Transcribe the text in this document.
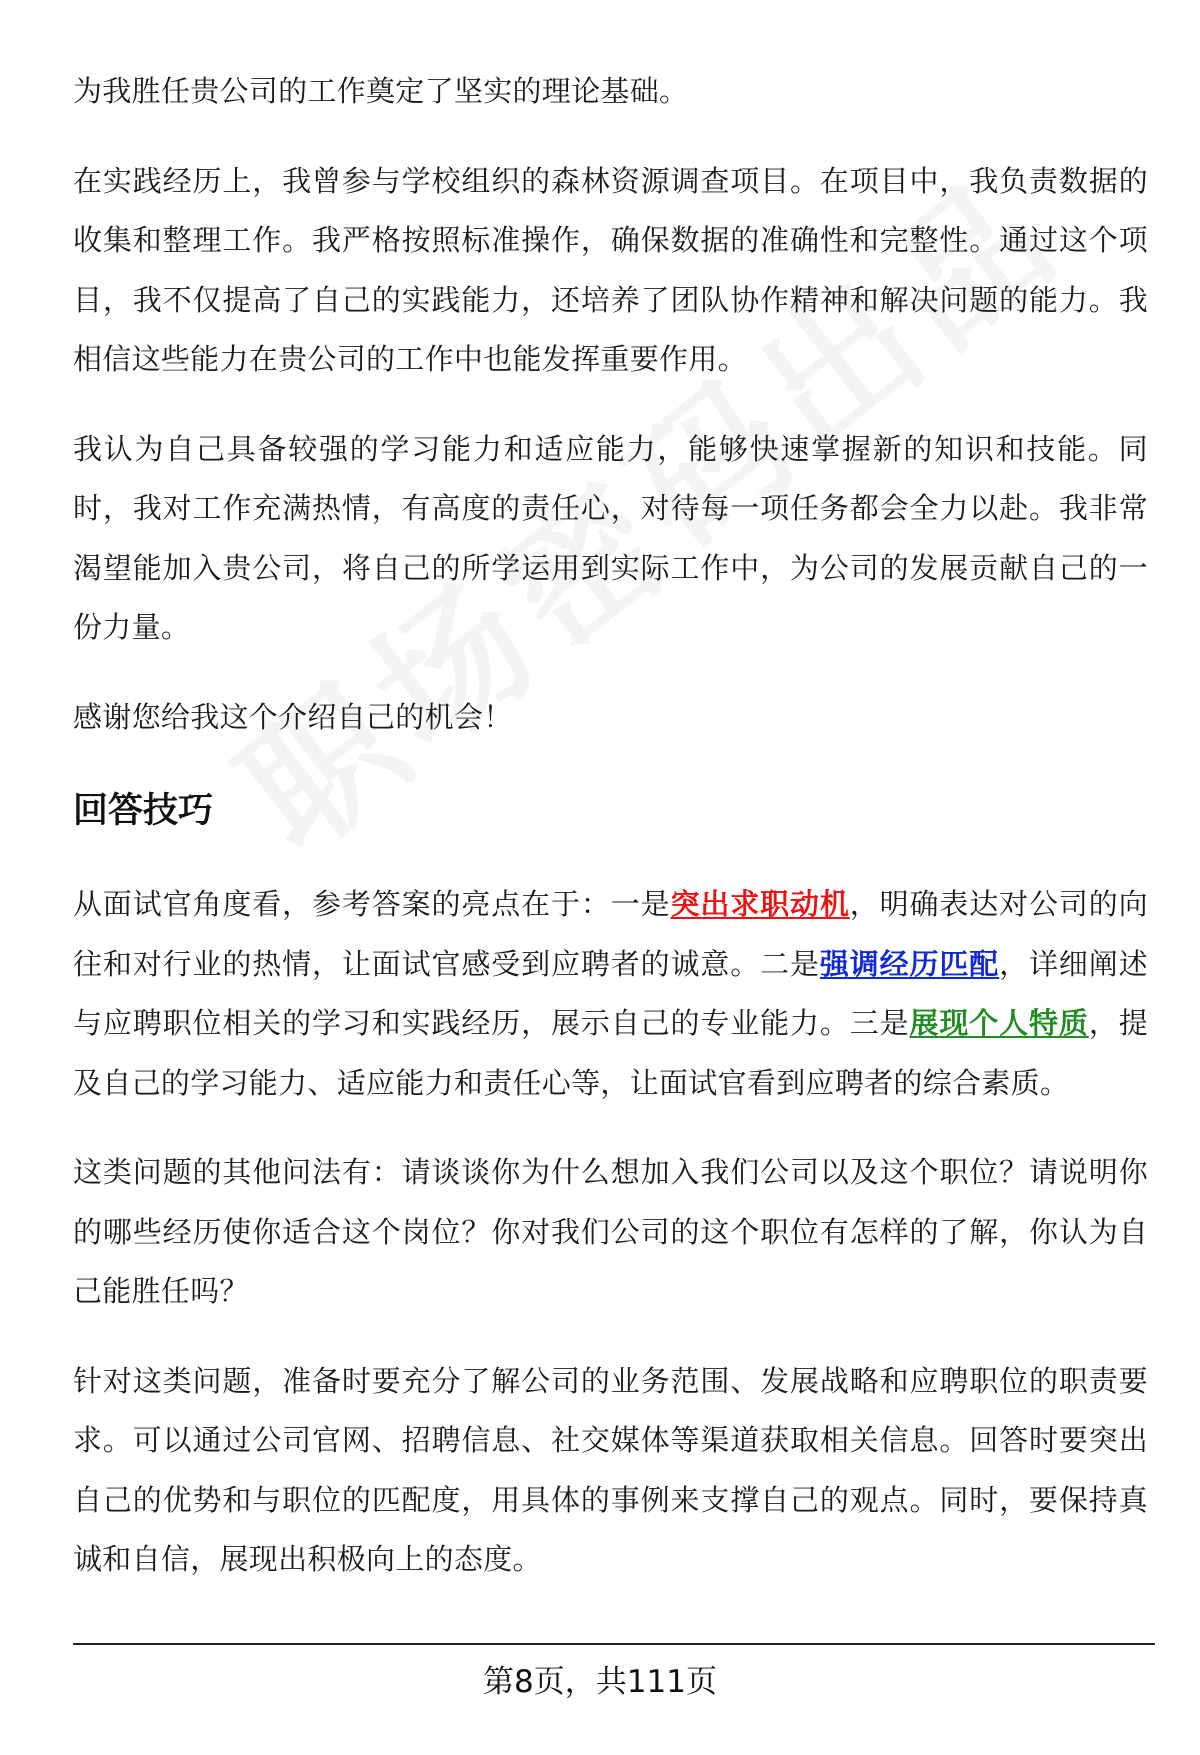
为我胜任贵公司的工作奠定了坚实的理论基础。

在实践经历上，我曾参与学校组织的森林资源调查项目。在项目中，我负责数据的收集和整理工作。我严格按照标准操作，确保数据的准确性和完整性。通过这个项目，我不仅提高了自己的实践能力，还培养了团队协作精神和解决问题的能力。我相信这些能力在贵公司的工作中也能发挥重要作用。

我认为自己具备较强的学习能力和适应能力，能够快速掌握新的知识和技能。同时，我对工作充满热情，有高度的责任心，对待每一项任务都会全力以赴。我非常渴望能加入贵公司，将自己的所学运用到实际工作中，为公司的发展贡献自己的一份力量。

感谢您给我这个介绍自己的机会！

回答技巧

从面试官角度看，参考答案的亮点在于：一是突出求职动机，明确表达对公司的向往和对行业的热情，让面试官感受到应聘者的诚意。二是强调经历匹配，详细阐述与应聘职位相关的学习和实践经历，展示自己的专业能力。三是展现个人特质，提及自己的学习能力、适应能力和责任心等，让面试官看到应聘者的综合素质。

这类问题的其他问法有：请谈谈你为什么想加入我们公司以及这个职位？请说明你的哪些经历使你适合这个岗位？你对我们公司的这个职位有怎样的了解，你认为自己能胜任吗？

针对这类问题，准备时要充分了解公司的业务范围、发展战略和应聘职位的职责要求。可以通过公司官网、招聘信息、社交媒体等渠道获取相关信息。回答时要突出自己的优势和与职位的匹配度，用具体的事例来支撑自己的观点。同时，要保持真诚和自信，展现出积极向上的态度。

第8页，共111页
